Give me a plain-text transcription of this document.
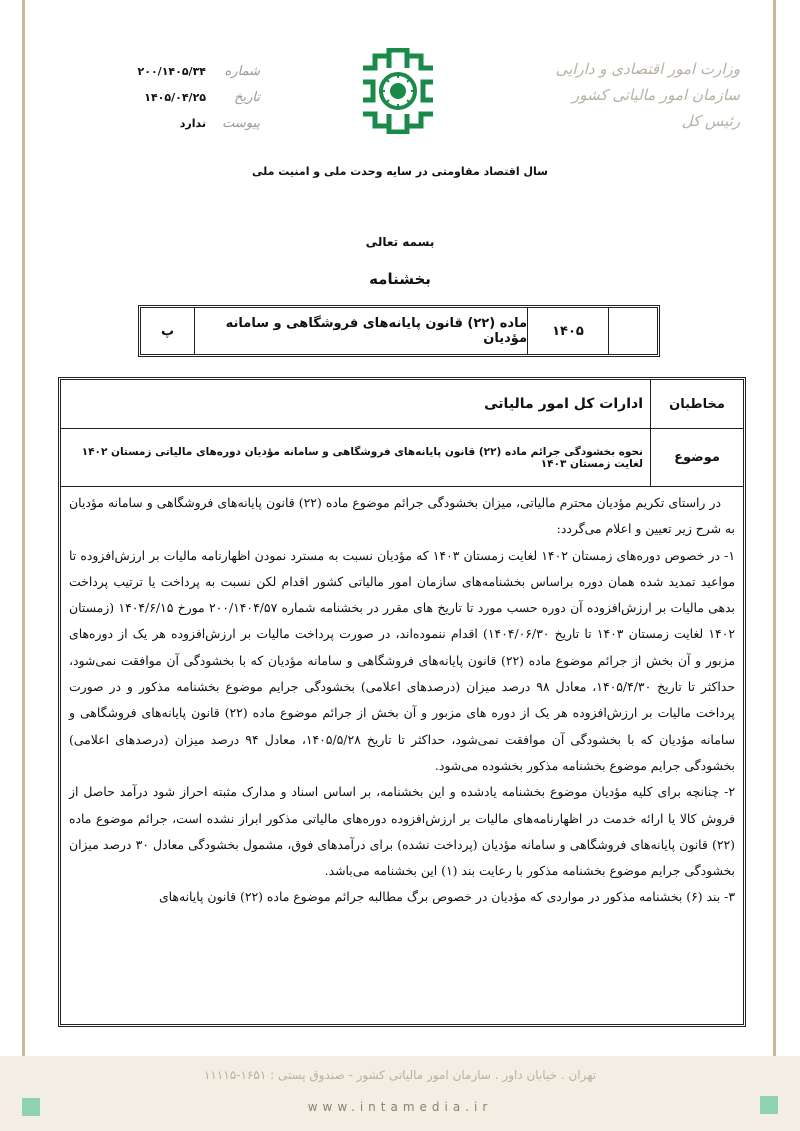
شماره
۲۰۰/۱۴۰۵/۳۴
تاریخ
۱۴۰۵/۰۴/۲۵
پیوست
ندارد
وزارت امور اقتصادی و دارایی
سازمان امور مالیاتی کشور
رئیس کل
سال اقتصاد مقاومتی در سایه وحدت ملی و امنیت ملی
بسمه تعالی
بخشنامه
۱۴۰۵
ماده (۲۲) قانون پایانه‌های فروشگاهی و سامانه مؤدیان
پ
مخاطبان
ادارات کل امور مالیاتی
موضوع
نحوه بخشودگی جرائم ماده (۲۲) قانون پایانه‌های فروشگاهی و سامانه مؤدیان دوره‌های مالیاتی زمستان ۱۴۰۲ لغایت زمستان ۱۴۰۳

در راستای تکریم مؤدیان محترم مالیاتی، میزان بخشودگی جرائم موضوع ماده (۲۲) قانون پایانه‌های فروشگاهی و سامانه مؤدیان به شرح زیر تعیین و اعلام می‌گردد:

۱- در خصوص دوره‌های زمستان ۱۴۰۲ لغایت زمستان ۱۴۰۳ که مؤدیان نسبت به مسترد نمودن اظهارنامه مالیات بر ارزش‌افزوده تا مواعید تمدید شده همان دوره براساس بخشنامه‌های سازمان امور مالیاتی کشور اقدام لکن نسبت به پرداخت یا ترتیب پرداخت بدهی مالیات بر ارزش‌افزوده آن دوره حسب مورد تا تاریخ های مقرر در بخشنامه شماره ۲۰۰/۱۴۰۴/۵۷ مورخ ۱۴۰۴/۶/۱۵ (زمستان ۱۴۰۲ لغایت زمستان ۱۴۰۳ تا تاریخ ۱۴۰۴/۰۶/۳۰) اقدام ننموده‌اند، در صورت پرداخت مالیات بر ارزش‌افزوده هر یک از دوره‌های مزبور و آن بخش از جرائم موضوع ماده (۲۲) قانون پایانه‌های فروشگاهی و سامانه مؤدیان که با بخشودگی آن موافقت نمی‌شود، حداکثر تا تاریخ ۱۴۰۵/۴/۳۰، معادل ۹۸ درصد میزان (درصدهای اعلامی) بخشودگی جرایم موضوع بخشنامه مذکور و در صورت پرداخت مالیات بر ارزش‌افزوده هر یک از دوره های مزبور و آن بخش از جرائم موضوع ماده (۲۲) قانون پایانه‌های فروشگاهی و سامانه مؤدیان که با بخشودگی آن موافقت نمی‌شود، حداکثر تا تاریخ ۱۴۰۵/۵/۲۸، معادل ۹۴ درصد میزان (درصدهای اعلامی) بخشودگی جرایم موضوع بخشنامه مذکور بخشوده می‌شود.

۲- چنانچه برای کلیه مؤدیان موضوع بخشنامه یادشده و این بخشنامه، بر اساس اسناد و مدارک مثبته احراز شود درآمد حاصل از فروش کالا یا ارائه خدمت در اظهارنامه‌های مالیات بر ارزش‌افزوده دوره‌های مالیاتی مذکور ابراز نشده است، جرائم موضوع ماده (۲۲) قانون پایانه‌های فروشگاهی و سامانه مؤدیان (پرداخت نشده) برای درآمدهای فوق، مشمول بخشودگی معادل ۳۰ درصد میزان بخشودگی جرایم موضوع بخشنامه مذکور با رعایت بند (۱) این بخشنامه می‌باشد.

۳- بند (۶) بخشنامه مذکور در مواردی که مؤدیان در خصوص برگ مطالبه جرائم موضوع ماده (۲۲) قانون پایانه‌های

تهران . خیابان داور . سازمان امور مالیاتی کشور - صندوق پستی : ۱۶۵۱-۱۱۱۱۵
www.intamedia.ir
